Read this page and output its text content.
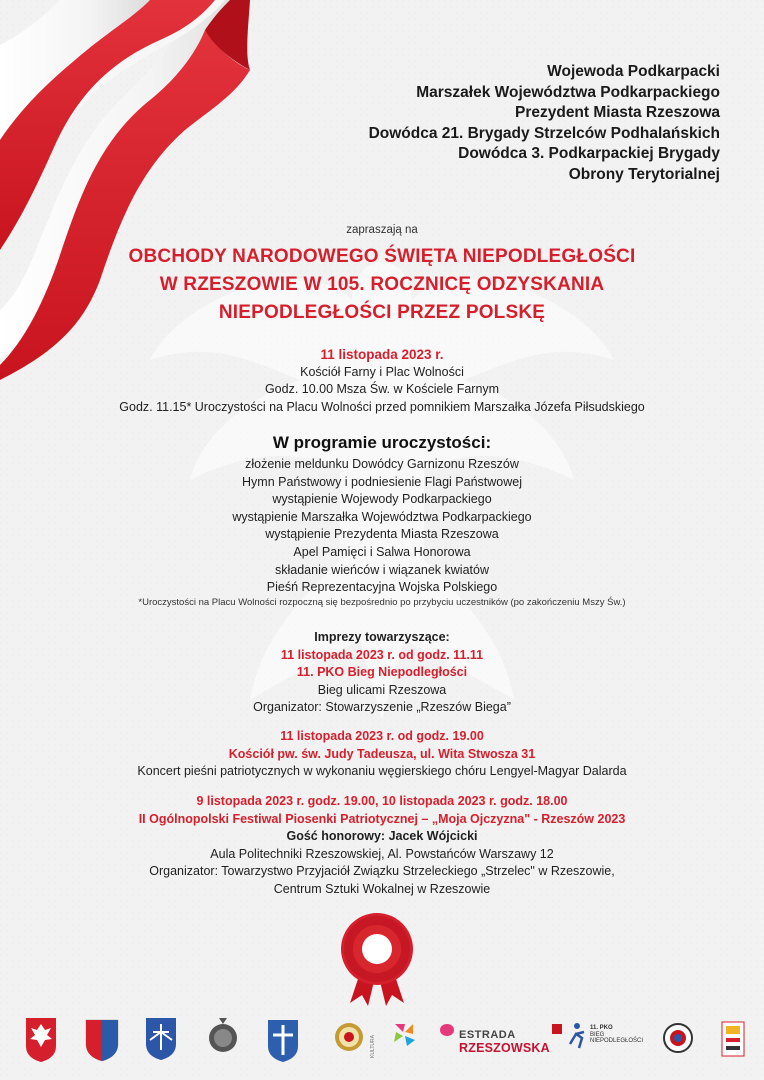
Wojewoda Podkarpacki
Marszałek Województwa Podkarpackiego
Prezydent Miasta Rzeszowa
Dowódca 21. Brygady Strzelców Podhalańskich
Dowódca 3. Podkarpackiej Brygady
Obrony Terytorialnej
zapraszają na
OBCHODY NARODOWEGO ŚWIĘTA NIEPODLEGŁOŚCI
W RZESZOWIE W 105. ROCZNICĘ ODZYSKANIA
NIEPODLEGŁOŚCI PRZEZ POLSKĘ
11 listopada 2023 r.
Kościół Farny i Plac Wolności
Godz. 10.00 Msza Św. w Kościele Farnym
Godz. 11.15* Uroczystości na Placu Wolności przed pomnikiem Marszałka Józefa Piłsudskiego
W programie uroczystości:
złożenie meldunku Dowódcy Garnizonu Rzeszów
Hymn Państwowy i podniesienie Flagi Państwowej
wystąpienie Wojewody Podkarpackiego
wystąpienie Marszałka Województwa Podkarpackiego
wystąpienie Prezydenta Miasta Rzeszowa
Apel Pamięci i Salwa Honorowa
składanie wieńców i wiązanek kwiatów
Pieśń Reprezentacyjna Wojska Polskiego
*Uroczystości na Placu Wolności rozpoczną się bezpośrednio po przybyciu uczestników (po zakończeniu Mszy Św.)
Imprezy towarzyszące:
11 listopada 2023 r. od godz. 11.11
11. PKO Bieg Niepodległości
Bieg ulicami Rzeszowa
Organizator: Stowarzyszenie „Rzeszów Biega”
11 listopada 2023 r. od godz. 19.00
Kościół pw. św. Judy Tadeusza, ul. Wita Stwosza 31
Koncert pieśni patriotycznych w wykonaniu węgierskiego chóru Lengyel-Magyar Dalarda
9 listopada 2023 r. godz. 19.00, 10 listopada 2023 r. godz. 18.00
II Ogólnopolski Festiwal Piosenki Patriotycznej – „Moja Ojczyzna" - Rzeszów 2023
Gość honorowy: Jacek Wójcicki
Aula Politechniki Rzeszowskiej, Al. Powstańców Warszawy 12
Organizator: Towarzystwo Przyjaciół Związku Strzeleckiego „Strzelec" w Rzeszowie,
Centrum Sztuki Wokalnej w Rzeszowie
KULTURA
ESTRADA
RZESZOWSKA
11. PKO
BIEG
NIEPODLEGŁOŚCI
